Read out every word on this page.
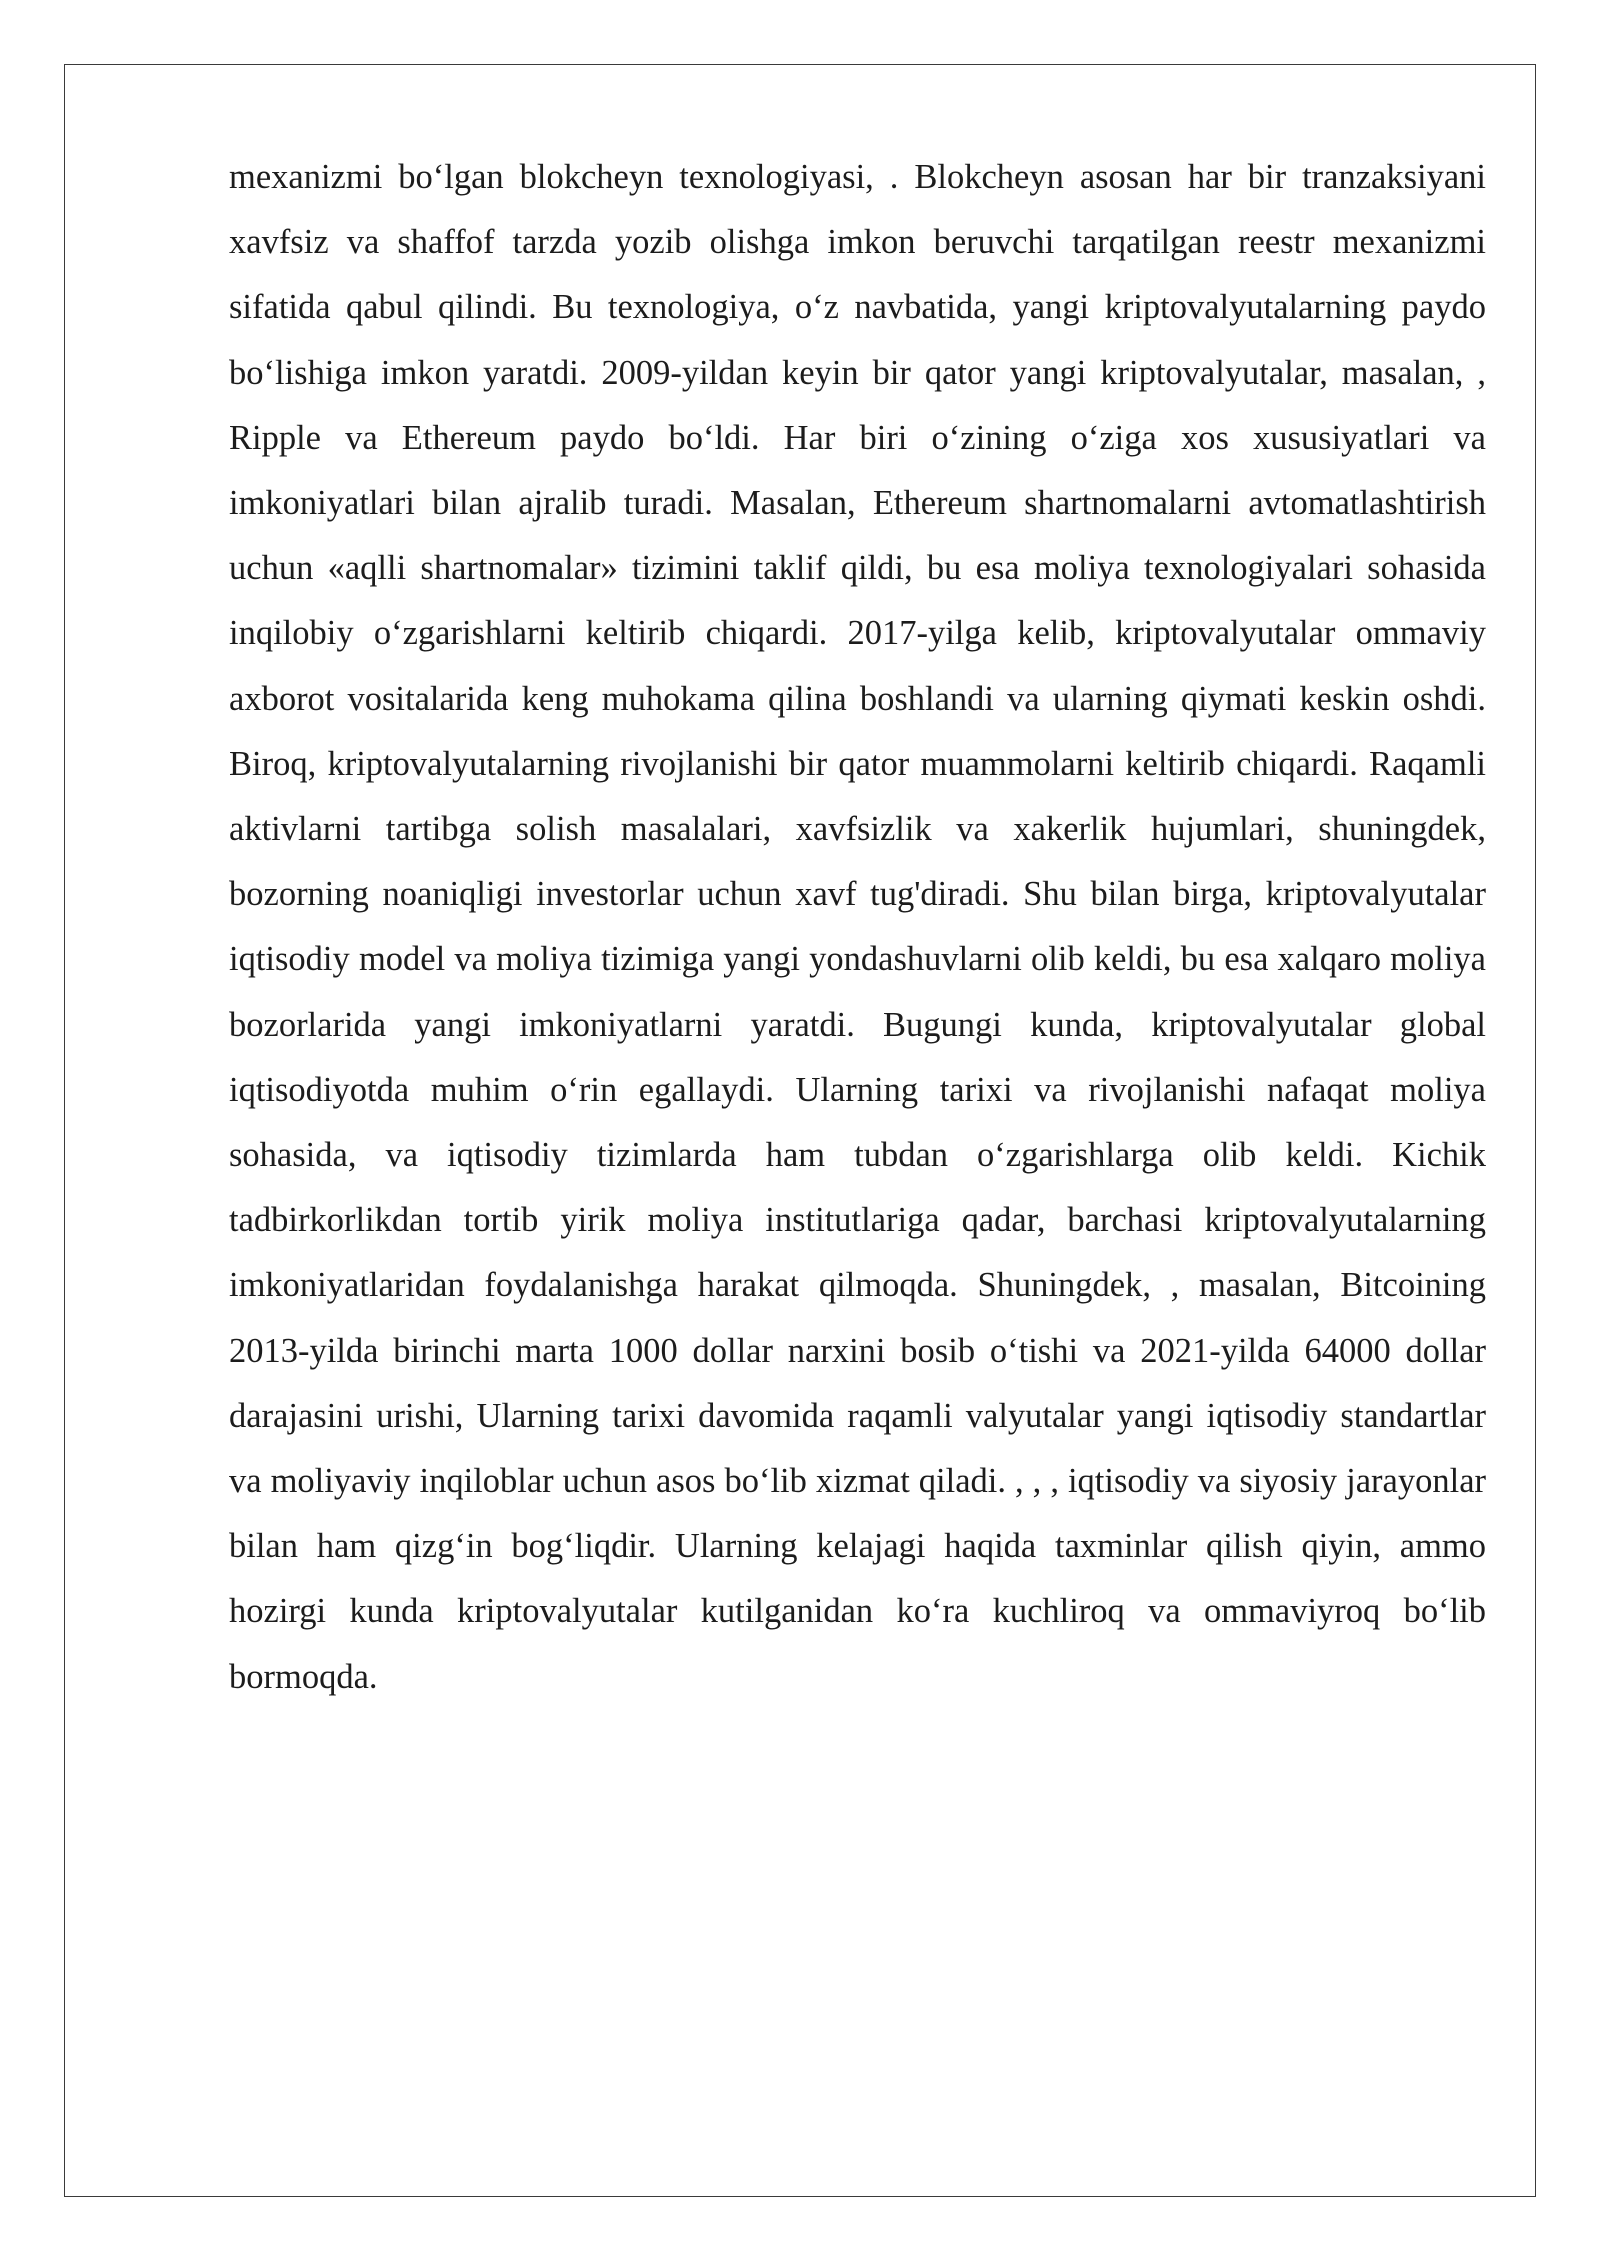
mexanizmi bo‘lgan blokcheyn texnologiyasi, . Blokcheyn asosan har bir tranzaksiyani xavfsiz va shaffof tarzda yozib olishga imkon beruvchi tarqatilgan reestr mexanizmi sifatida qabul qilindi. Bu texnologiya, o‘z navbatida, yangi kriptovalyutalarning paydo bo‘lishiga imkon yaratdi. 2009-yildan keyin bir qator yangi kriptovalyutalar, masalan, , Ripple va Ethereum paydo bo‘ldi. Har biri o‘zining o‘ziga xos xususiyatlari va imkoniyatlari bilan ajralib turadi. Masalan, Ethereum shartnomalarni avtomatlashtirish uchun «aqlli shartnomalar» tizimini taklif qildi, bu esa moliya texnologiyalari sohasida inqilobiy o‘zgarishlarni keltirib chiqardi. 2017-yilga kelib, kriptovalyutalar ommaviy axborot vositalarida keng muhokama qilina boshlandi va ularning qiymati keskin oshdi. Biroq, kriptovalyutalarning rivojlanishi bir qator muammolarni keltirib chiqardi. Raqamli aktivlarni tartibga solish masalalari, xavfsizlik va xakerlik hujumlari, shuningdek, bozorning noaniqligi investorlar uchun xavf tug'diradi. Shu bilan birga, kriptovalyutalar iqtisodiy model va moliya tizimiga yangi yondashuvlarni olib keldi, bu esa xalqaro moliya bozorlarida yangi imkoniyatlarni yaratdi. Bugungi kunda, kriptovalyutalar global iqtisodiyotda muhim o‘rin egallaydi. Ularning tarixi va rivojlanishi nafaqat moliya sohasida, va iqtisodiy tizimlarda ham tubdan o‘zgarishlarga olib keldi. Kichik tadbirkorlikdan tortib yirik moliya institutlariga qadar, barchasi kriptovalyutalarning imkoniyatlaridan foydalanishga harakat qilmoqda. Shuningdek, , masalan, Bitcoining 2013-yilda birinchi marta 1000 dollar narxini bosib o‘tishi va 2021-yilda 64000 dollar darajasini urishi, Ularning tarixi davomida raqamli valyutalar yangi iqtisodiy standartlar va moliyaviy inqiloblar uchun asos bo‘lib xizmat qiladi. , , , iqtisodiy va siyosiy jarayonlar bilan ham qizg‘in bog‘liqdir. Ularning kelajagi haqida taxminlar qilish qiyin, ammo hozirgi kunda kriptovalyutalar kutilganidan ko‘ra kuchliroq va ommaviyroq bo‘lib bormoqda.
